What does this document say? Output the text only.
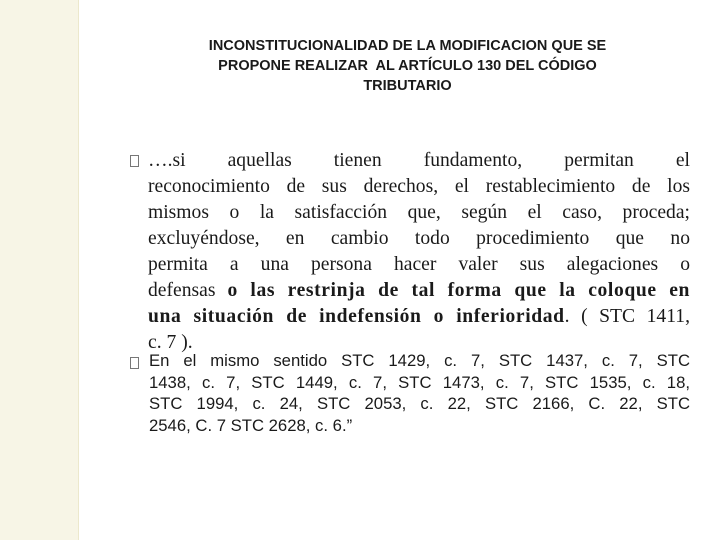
INCONSTITUCIONALIDAD DE LA MODIFICACION QUE SE
PROPONE REALIZAR  AL ARTÍCULO 130 DEL CÓDIGO
TRIBUTARIO

….si aquellas tienen fundamento, permitan el
reconocimiento de sus derechos, el restablecimiento de los
mismos o la satisfacción que, según el caso, proceda;
excluyéndose, en cambio todo procedimiento que no
permita a una persona hacer valer sus alegaciones o
defensas o las restrinja de tal forma que la coloque en
una situación de indefensión o inferioridad. ( STC 1411,
c. 7 ).

En el mismo sentido STC 1429, c. 7, STC 1437, c. 7, STC
1438, c. 7, STC 1449, c. 7, STC 1473, c. 7, STC 1535, c. 18,
STC 1994, c. 24, STC 2053, c. 22, STC 2166, C. 22, STC
2546, C. 7 STC 2628, c. 6.”
